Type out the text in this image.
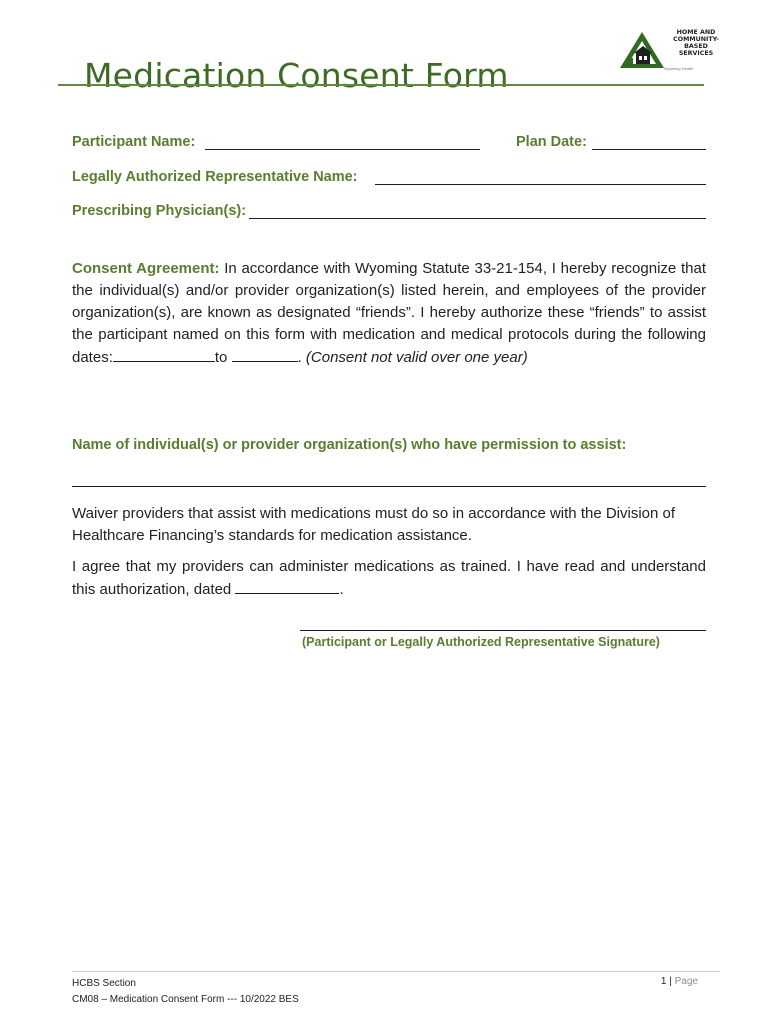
Medication Consent Form
HOME AND
COMMUNITY-
BASED
SERVICES
Wyoming Health
Participant Name:	Plan Date:
Legally Authorized Representative Name:
Prescribing Physician(s):
Consent Agreement: In accordance with Wyoming Statute 33-21-154, I hereby recognize that the individual(s) and/or provider organization(s) listed herein, and employees of the provider organization(s), are known as designated “friends”. I hereby authorize these “friends” to assist the participant named on this form with medication and medical protocols during the following dates:	to	. (Consent not valid over one year)
Name of individual(s) or provider organization(s) who have permission to assist:
Waiver providers that assist with medications must do so in accordance with the Division of Healthcare Financing’s standards for medication assistance.
I agree that my providers can administer medications as trained. I have read and understand this authorization, dated	.
(Participant or Legally Authorized Representative Signature)
HCBS Section
CM08 – Medication Consent Form --- 10/2022 BES
1 | Page
